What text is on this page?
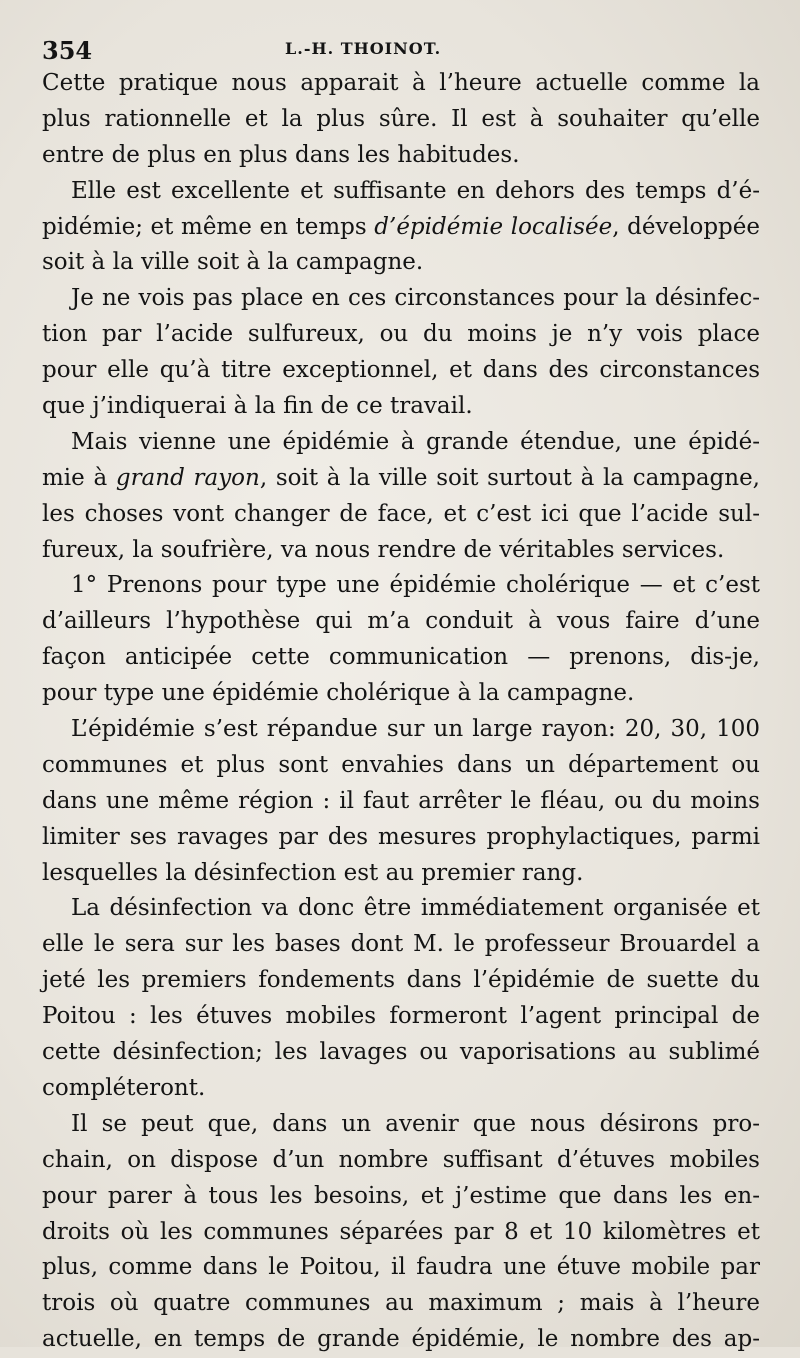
354	L.-H. THOINOT.
Cette pratique nous apparait à l’heure actuelle comme la
plus rationnelle et la plus sûre. Il est à souhaiter qu’elle
entre de plus en plus dans les habitudes.
Elle est excellente et suffisante en dehors des temps d’é-
pidémie; et même en temps d’épidémie localisée, développée
soit à la ville soit à la campagne.
Je ne vois pas place en ces circonstances pour la désinfec-
tion par l’acide sulfureux, ou du moins je n’y vois place
pour elle qu’à titre exceptionnel, et dans des circonstances
que j’indiquerai à la fin de ce travail.
Mais vienne une épidémie à grande étendue, une épidé-
mie à grand rayon, soit à la ville soit surtout à la campagne,
les choses vont changer de face, et c’est ici que l’acide sul-
fureux, la soufrière, va nous rendre de véritables services.
1° Prenons pour type une épidémie cholérique — et c’est
d’ailleurs l’hypothèse qui m’a conduit à vous faire d’une
façon anticipée cette communication — prenons, dis-je,
pour type une épidémie cholérique à la campagne.
L’épidémie s’est répandue sur un large rayon: 20, 30, 100
communes et plus sont envahies dans un département ou
dans une même région : il faut arrêter le fléau, ou du moins
limiter ses ravages par des mesures prophylactiques, parmi
lesquelles la désinfection est au premier rang.
La désinfection va donc être immédiatement organisée et
elle le sera sur les bases dont M. le professeur Brouardel a
jeté les premiers fondements dans l’épidémie de suette du
Poitou : les étuves mobiles formeront l’agent principal de
cette désinfection; les lavages ou vaporisations au sublimé
compléteront.
Il se peut que, dans un avenir que nous désirons pro-
chain, on dispose d’un nombre suffisant d’étuves mobiles
pour parer à tous les besoins, et j’estime que dans les en-
droits où les communes séparées par 8 et 10 kilomètres et
plus, comme dans le Poitou, il faudra une étuve mobile par
trois où quatre communes au maximum ; mais à l’heure
actuelle, en temps de grande épidémie, le nombre des ap-
